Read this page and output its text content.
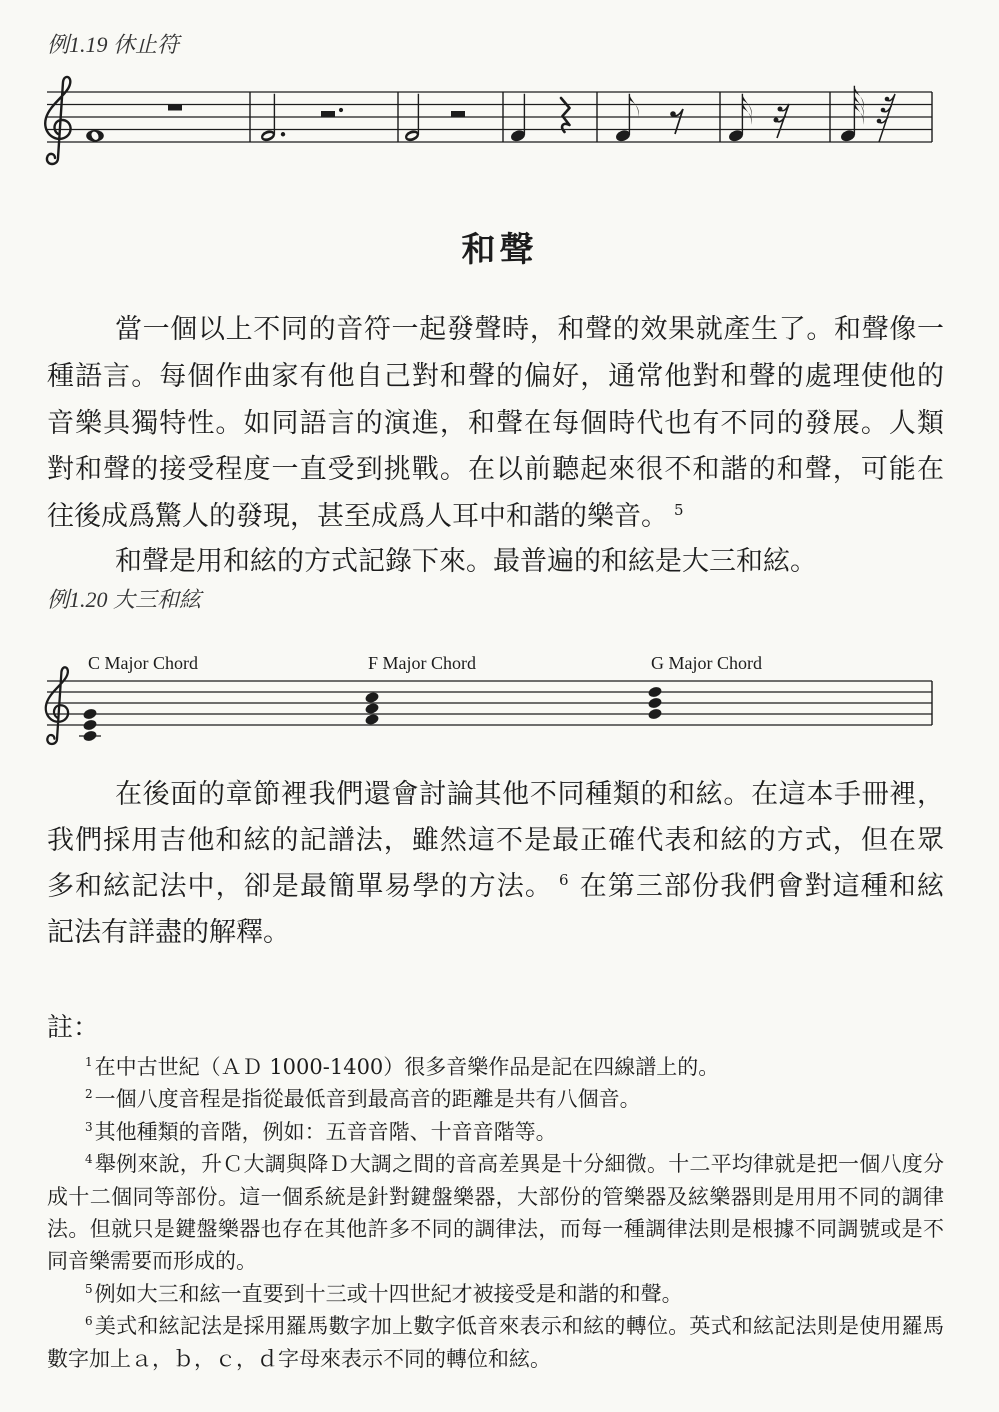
例1.19 休止符
和聲
當一個以上不同的音符一起發聲時，和聲的效果就產生了。和聲像一
種語言。每個作曲家有他自己對和聲的偏好，通常他對和聲的處理使他的
音樂具獨特性。如同語言的演進，和聲在每個時代也有不同的發展。人類
對和聲的接受程度一直受到挑戰。在以前聽起來很不和諧的和聲，可能在
往後成爲驚人的發現，甚至成爲人耳中和諧的樂音。 $^5$
和聲是用和絃的方式記錄下來。最普遍的和絃是大三和絃。
例1.20 大三和絃
C Major Chord	F Major Chord	G Major Chord
在後面的章節裡我們還會討論其他不同種類的和絃。在這本手冊裡，
我們採用吉他和絃的記譜法，雖然這不是最正確代表和絃的方式，但在眾
多和絃記法中，卻是最簡單易學的方法。 $^6$ 在第三部份我們會對這種和絃
記法有詳盡的解釋。
註：
$^1$在中古世紀（ＡＤ 1000-1400）很多音樂作品是記在四線譜上的。
$^2$一個八度音程是指從最低音到最高音的距離是共有八個音。
$^3$其他種類的音階，例如：五音音階、十音音階等。
$^4$舉例來說，升Ｃ大調與降Ｄ大調之間的音高差異是十分細微。十二平均律就是把一個八度分
成十二個同等部份。這一個系統是針對鍵盤樂器，大部份的管樂器及絃樂器則是用用不同的調律
法。但就只是鍵盤樂器也存在其他許多不同的調律法，而每一種調律法則是根據不同調號或是不
同音樂需要而形成的。
$^5$例如大三和絃一直要到十三或十四世紀才被接受是和諧的和聲。
$^6$美式和絃記法是採用羅馬數字加上數字低音來表示和絃的轉位。英式和絃記法則是使用羅馬
數字加上ａ，ｂ，ｃ，ｄ字母來表示不同的轉位和絃。
